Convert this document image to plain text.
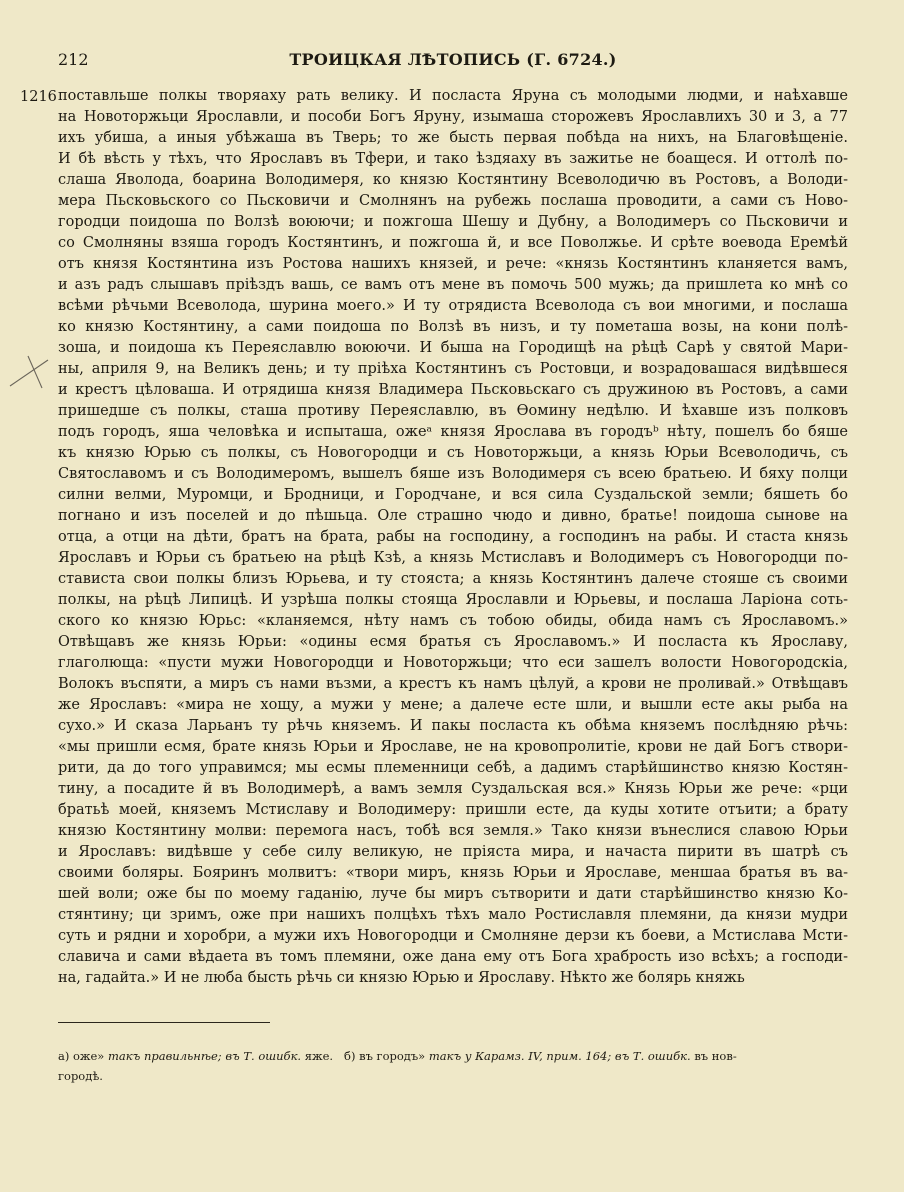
212	ТРОИЦКАЯ ЛѢТОПИСЬ (Г. 6724.)
1216 поставльше полкы творяаху рать велику. И посласта Яруна съ молодыми людми, и наѣхавше
на Новоторжьци Ярославли, и пособи Богъ Яруну, изымаша сторожевъ Ярославлихъ 30 и 3, а 77
ихъ убиша, а иныя убѣжаша въ Тверь; то же бысть первая побѣда на нихъ, на Благовѣщеніе.
И бѣ вѣсть у тѣхъ, что Ярославъ въ Тфери, и тако ѣздяаху въ зажитье не боащеся. И оттолѣ по-
слаша Яволода, боарина Володимеря, ко князю Костянтину Всеволодичю въ Ростовъ, а Володи-
мера Пьсковьского со Пьсковичи и Смолнянъ на рубежь послаша проводити, а сами съ Ново-
городци поидоша по Волзѣ воюючи; и пожгоша Шешу и Дубну, а Володимеръ со Пьсковичи и
со Смолняны взяша городъ Костянтинъ, и пожгоша й, и все Поволжье. И срѣте воевода Еремѣй
отъ князя Костянтина изъ Ростова нашихъ князей, и рече: «князь Костянтинъ кланяется вамъ,
и азъ радъ слышавъ пріѣздъ вашь, се вамъ отъ мене въ помочь 500 мужь; да пришлета ко мнѣ со
всѣми рѣчьми Всеволода, шурина моего.» И ту отрядиста Всеволода съ вои многими, и послаша
ко князю Костянтину, а сами поидоша по Волзѣ въ низъ, и ту пометаша возы, на кони полѣ-
зоша, и поидоша къ Переяславлю воюючи. И быша на Городищѣ на рѣцѣ Сарѣ у святой Мари-
ны, априля 9, на Великъ день; и ту пріѣха Костянтинъ съ Ростовци, и возрадовашася видѣвшеся
и крестъ цѣловаша. И отрядиша князя Владимера Пьсковьскаго съ дружиною въ Ростовъ, а сами
пришедше съ полкы, сташа противу Переяславлю, въ Ѳомину недѣлю. И ѣхавше изъ полковъ
подъ городъ, яша человѣка и испыташа, ожеᵃ князя Ярослава въ городъᵇ нѣту, пошелъ бо бяше
къ князю Юрью съ полкы, съ Новогородци и съ Новоторжьци, а князь Юрьи Всеволодичь, съ
Святославомъ и съ Володимеромъ, вышелъ бяше изъ Володимеря съ всею братьею. И бяху полци
силни велми, Муромци, и Бродници, и Городчане, и вся сила Суздальской земли; бяшеть бо
погнано и изъ поселей и до пѣшьца. Оле страшно чюдо и дивно, братье! поидоша сынове на
отца, а отци на дѣти, братъ на брата, рабы на господину, а господинъ на рабы. И стаста князь
Ярославъ и Юрьи съ братьею на рѣцѣ Кзѣ, а князь Мстиславъ и Володимеръ съ Новогородци по-
стависта свои полкы близъ Юрьева, и ту стоястa; а князь Костянтинъ далече стояше съ своими
полкы, на рѣцѣ Липицѣ. И узрѣша полкы стояща Ярославли и Юрьевы, и послаша Ларіона соть-
ского ко князю Юрьс: «кланяемся, нѣту намъ съ тобою обиды, обида намъ съ Ярославомъ.»
Отвѣщавъ же князь Юрьи: «одины есмя братья съ Ярославомъ.» И посласта къ Ярославу,
глаголюща: «пусти мужи Новогородци и Новоторжьци; что еси зашелъ волости Новогородскіа,
Волокъ въспяти, а миръ съ нами възми, а крестъ къ намъ цѣлуй, а крови не проливай.» Отвѣщавъ
же Ярославъ: «мира не хощу, а мужи у мене; а далече есте шли, и вышли есте акы рыба на
сухо.» И сказа Ларьанъ ту рѣчь княземъ. И пакы посласта къ обѣма княземъ послѣдняю рѣчь:
«мы пришли есмя, брате князь Юрьи и Ярославе, не на кровопролитіе, крови не дай Богъ створи-
рити, да до того управимся; мы есмы племенници себѣ, а дадимъ старѣйшинство князю Костян-
тину, а посадите й въ Володимерѣ, а вамъ земля Суздальская вся.» Князь Юрьи же рече: «рци
братьѣ моей, княземъ Мстиславу и Володимеру: пришли есте, да куды хотите отъити; а брату
князю Костянтину молви: перемога насъ, тобѣ вся земля.» Тако князи вънеслися славою Юрьи
и Ярославъ: видѣвше у себе силу великую, не пріяста мира, и начаста пирити въ шатрѣ съ
своими боляры. Бояринъ молвитъ: «твори миръ, князь Юрьи и Ярославе, меншаа братья въ ва-
шей воли; оже бы по моему гаданію, луче бы миръ сътворити и дати старѣйшинство князю Ко-
стянтину; ци зримъ, оже при нашихъ полцѣхъ тѣхъ мало Ростиславля племяни, да князи мудри
суть и рядни и хоробри, а мужи ихъ Новогородци и Смолняне дерзи къ боеви, а Мстислава Мсти-
славича и сами вѣдаета въ томъ племяни, оже дана ему отъ Бога храбрость изо всѣхъ; а господи-
на, гадайта.» И не люба бысть рѣчь си князю Юрью и Ярославу. Нѣкто же болярь княжь
а) оже» такъ правильнѣе; въ Т. ошибк. яже. б) въ городъ» такъ у Карамз. IV, прим. 164; въ Т. ошибк. въ нов-
городѣ.
